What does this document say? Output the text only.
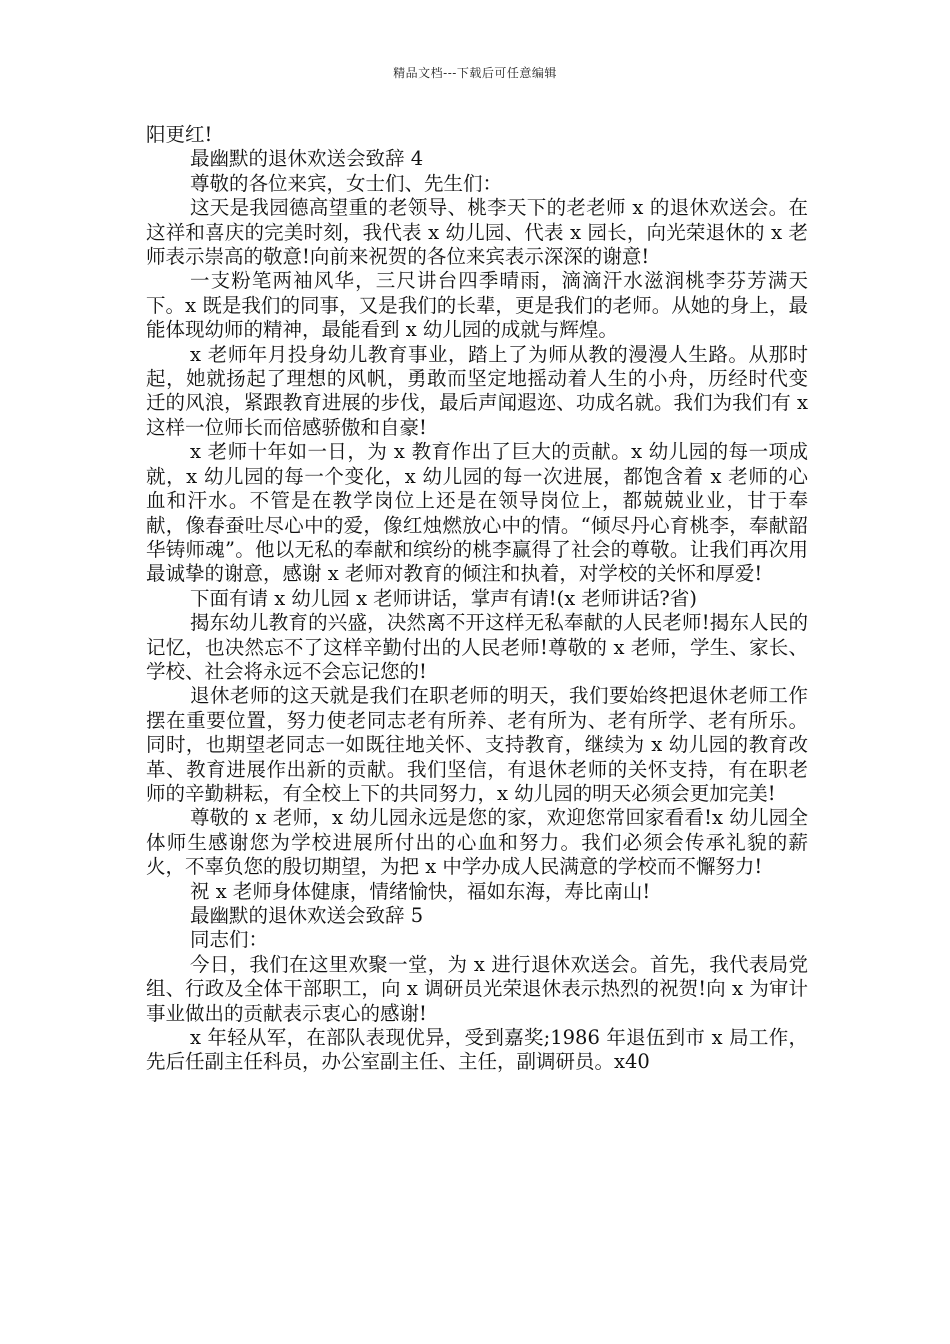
精品文档---下载后可任意编辑

阳更红!

最幽默的退休欢送会致辞 4

尊敬的各位来宾，女士们、先生们：

这天是我园德高望重的老领导、桃李天下的老老师 x 的退休欢送会。在这祥和喜庆的完美时刻，我代表 x 幼儿园、代表 x 园长，向光荣退休的 x 老师表示崇高的敬意!向前来祝贺的各位来宾表示深深的谢意!

一支粉笔两袖风华，三尺讲台四季晴雨，滴滴汗水滋润桃李芬芳满天下。x 既是我们的同事，又是我们的长辈，更是我们的老师。从她的身上，最能体现幼师的精神，最能看到 x 幼儿园的成就与辉煌。

x 老师年月投身幼儿教育事业，踏上了为师从教的漫漫人生路。从那时起，她就扬起了理想的风帆，勇敢而坚定地摇动着人生的小舟，历经时代变迁的风浪，紧跟教育进展的步伐，最后声闻遐迩、功成名就。我们为我们有 x 这样一位师长而倍感骄傲和自豪!

x 老师十年如一日，为 x 教育作出了巨大的贡献。x 幼儿园的每一项成就，x 幼儿园的每一个变化，x 幼儿园的每一次进展，都饱含着 x 老师的心血和汗水。不管是在教学岗位上还是在领导岗位上，都兢兢业业，甘于奉献，像春蚕吐尽心中的爱，像红烛燃放心中的情。“倾尽丹心育桃李，奉献韶华铸师魂”。他以无私的奉献和缤纷的桃李赢得了社会的尊敬。让我们再次用最诚挚的谢意，感谢 x 老师对教育的倾注和执着，对学校的关怀和厚爱!

下面有请 x 幼儿园 x 老师讲话，掌声有请!(x 老师讲话?省)

揭东幼儿教育的兴盛，决然离不开这样无私奉献的人民老师!揭东人民的记忆，也决然忘不了这样辛勤付出的人民老师!尊敬的 x 老师，学生、家长、学校、社会将永远不会忘记您的!

退休老师的这天就是我们在职老师的明天，我们要始终把退休老师工作摆在重要位置，努力使老同志老有所养、老有所为、老有所学、老有所乐。同时，也期望老同志一如既往地关怀、支持教育，继续为 x 幼儿园的教育改革、教育进展作出新的贡献。我们坚信，有退休老师的关怀支持，有在职老师的辛勤耕耘，有全校上下的共同努力，x 幼儿园的明天必须会更加完美!

尊敬的 x 老师，x 幼儿园永远是您的家，欢迎您常回家看看!x 幼儿园全体师生感谢您为学校进展所付出的心血和努力。我们必须会传承礼貌的薪火，不辜负您的殷切期望，为把 x 中学办成人民满意的学校而不懈努力!

祝 x 老师身体健康，情绪愉快，福如东海，寿比南山!

最幽默的退休欢送会致辞 5

同志们：

今日，我们在这里欢聚一堂，为 x 进行退休欢送会。首先，我代表局党组、行政及全体干部职工，向 x 调研员光荣退休表示热烈的祝贺!向 x 为审计事业做出的贡献表示衷心的感谢!

x 年轻从军，在部队表现优异，受到嘉奖;1986 年退伍到市 x 局工作，先后任副主任科员，办公室副主任、主任，副调研员。x40
